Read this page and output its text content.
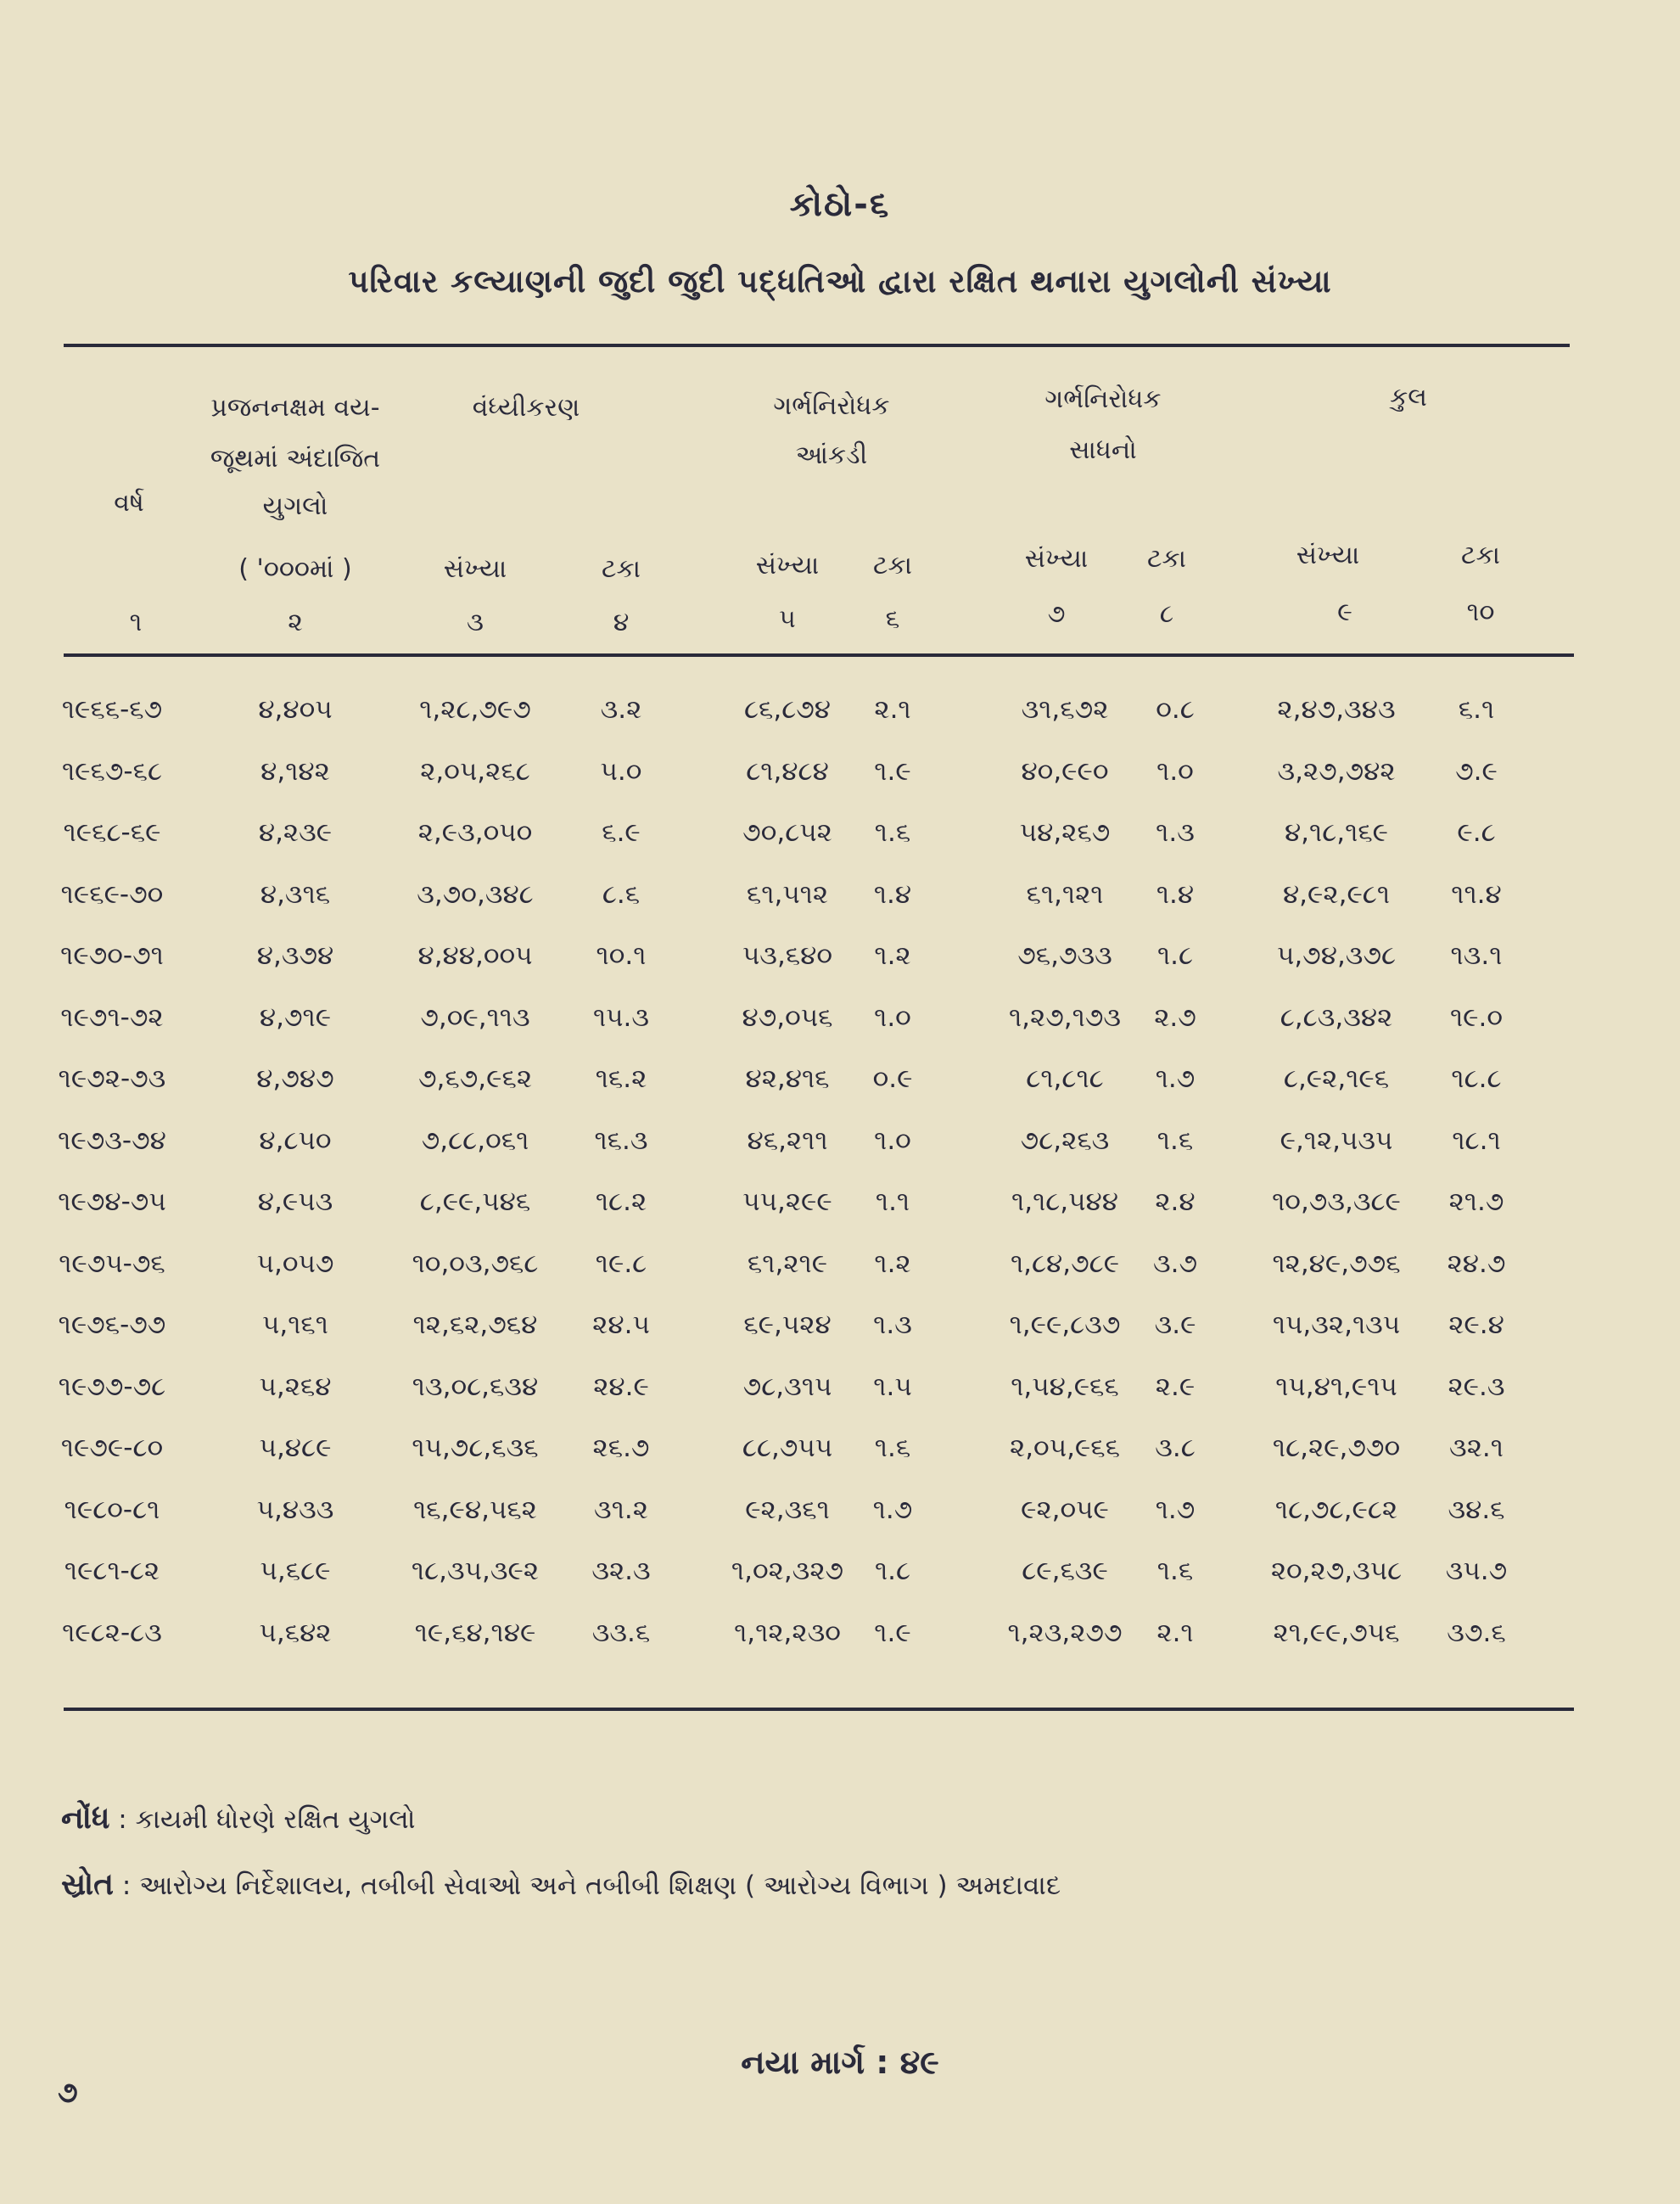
કોઠો-૬
પરિવાર કલ્યાણની જુદી જુદી પદ્ધતિઓ દ્વારા રક્ષિત થનારા યુગલોની સંખ્યા
પ્રજનનક્ષમ વય-
જૂથમાં અંદાજિત
યુગલો
વર્ષ
( '૦૦૦માં )
વંધ્યીકરણ	ગર્ભનિરોધક
આંકડી
ગર્ભનિરોધક
સાધનો
કુલ
સંખ્યા	ટકા	સંખ્યા ટકા	સંખ્યા ટકા	સંખ્યા	ટકા
૧	૨	૩	૪	૫	૬	૭	૮	૯	૧૦
૧૯૬૬-૬૭	૪,૪૦૫	૧,૨૮,૭૯૭	૩.૨	૮૬,૮૭૪ ૨.૧	૩૧,૬૭૨ ૦.૮	૨,૪૭,૩૪૩ ૬.૧
૧૯૬૭-૬૮	૪,૧૪૨	૨,૦૫,૨૬૮	૫.૦	૮૧,૪૮૪ ૧.૯	૪૦,૯૯૦ ૧.૦	૩,૨૭,૭૪૨ ૭.૯
૧૯૬૮-૬૯	૪,૨૩૯	૨,૯૩,૦૫૦	૬.૯	૭૦,૮૫૨ ૧.૬	૫૪,૨૬૭ ૧.૩	૪,૧૮,૧૬૯	૯.૮
૧૯૬૯-૭૦	૪,૩૧૬	૩,૭૦,૩૪૮	૮.૬	૬૧,૫૧૨ ૧.૪	૬૧,૧૨૧ ૧.૪	૪,૯૨,૯૮૧ ૧૧.૪
૧૯૭૦-૭૧	૪,૩૭૪	૪,૪૪,૦૦૫ ૧૦.૧	૫૩,૬૪૦ ૧.૨	૭૬,૭૩૩ ૧.૮	૫,૭૪,૩૭૮ ૧૩.૧
૧૯૭૧-૭૨	૪,૭૧૯	૭,૦૯,૧૧૩ ૧૫.૩	૪૭,૦૫૬ ૧.૦	૧,૨૭,૧૭૩ ૨.૭	૮,૮૩,૩૪૨ ૧૯.૦
૧૯૭૨-૭૩	૪,૭૪૭	૭,૬૭,૯૬૨ ૧૬.૨	૪૨,૪૧૬ ૦.૯	૮૧,૮૧૮ ૧.૭	૮,૯૨,૧૯૬ ૧૮.૮
૧૯૭૩-૭૪	૪,૮૫૦	૭,૮૮,૦૬૧ ૧૬.૩	૪૬,૨૧૧ ૧.૦	૭૮,૨૬૩ ૧.૬	૯,૧૨,૫૩૫ ૧૮.૧
૧૯૭૪-૭૫	૪,૯૫૩	૮,૯૯,૫૪૬ ૧૮.૨	૫૫,૨૯૯ ૧.૧	૧,૧૮,૫૪૪ ૨.૪	૧૦,૭૩,૩૮૯ ૨૧.૭
૧૯૭૫-૭૬	૫,૦૫૭	૧૦,૦૩,૭૬૮ ૧૯.૮	૬૧,૨૧૯ ૧.૨	૧,૮૪,૭૮૯ ૩.૭	૧૨,૪૯,૭૭૬ ૨૪.૭
૧૯૭૬-૭૭	૫,૧૬૧	૧૨,૬૨,૭૬૪ ૨૪.૫	૬૯,૫૨૪ ૧.૩	૧,૯૯,૮૩૭ ૩.૯	૧૫,૩૨,૧૩૫ ૨૯.૪
૧૯૭૭-૭૮	૫,૨૬૪	૧૩,૦૮,૬૩૪ ૨૪.૯	૭૮,૩૧૫ ૧.૫	૧,૫૪,૯૬૬ ૨.૯	૧૫,૪૧,૯૧૫ ૨૯.૩
૧૯૭૯-૮૦	૫,૪૮૯	૧૫,૭૮,૬૩૬ ૨૬.૭	૮૮,૭૫૫ ૧.૬	૨,૦૫,૯૬૬ ૩.૮	૧૮,૨૯,૭૭૦ ૩૨.૧
૧૯૮૦-૮૧	૫,૪૩૩	૧૬,૯૪,૫૬૨ ૩૧.૨	૯૨,૩૬૧ ૧.૭	૯૨,૦૫૯ ૧.૭	૧૮,૭૮,૯૮૨ ૩૪.૬
૧૯૮૧-૮૨	૫,૬૮૯	૧૮,૩૫,૩૯૨ ૩૨.૩	૧,૦૨,૩૨૭ ૧.૮	૮૯,૬૩૯ ૧.૬	૨૦,૨૭,૩૫૮ ૩૫.૭
૧૯૮૨-૮૩	૫,૬૪૨	૧૯,૬૪,૧૪૯ ૩૩.૬	૧,૧૨,૨૩૦ ૧.૯	૧,૨૩,૨૭૭ ૨.૧	૨૧,૯૯,૭૫૬ ૩૭.૬
નોંધ : કાયમી ધોરણે રક્ષિત યુગલો
સ્રોત : આરોગ્ય નિર્દેશાલય, તબીબી સેવાઓ અને તબીબી શિક્ષણ ( આરોગ્ય વિભાગ ) અમદાવાદ
નયા માર્ગ : ૪૯
૭
